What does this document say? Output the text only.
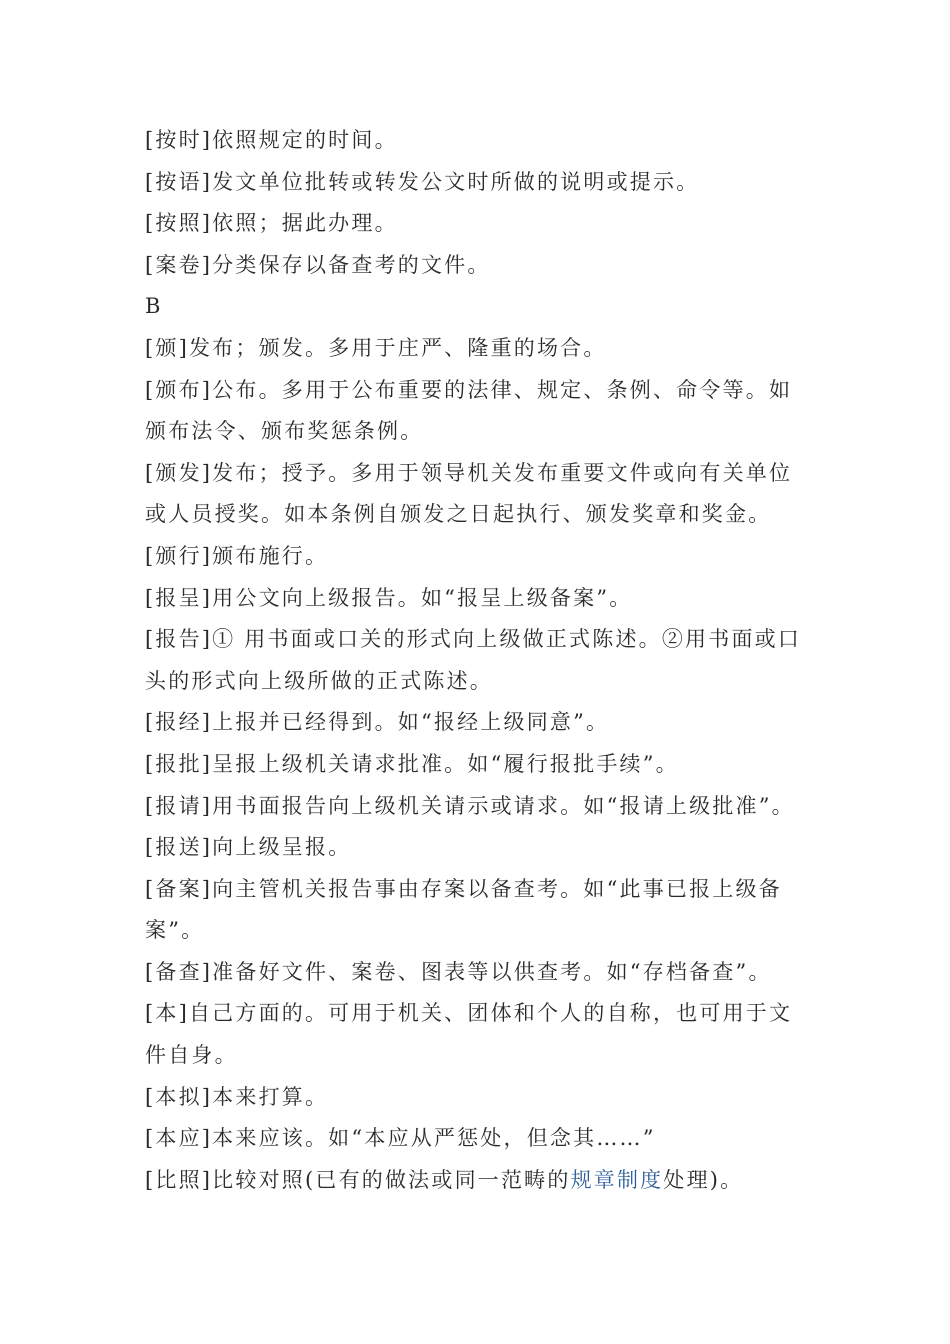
[按时]依照规定的时间。
[按语]发文单位批转或转发公文时所做的说明或提示。
[按照]依照；据此办理。
[案卷]分类保存以备查考的文件。
B
[颁]发布；颁发。多用于庄严、隆重的场合。
[颁布]公布。多用于公布重要的法律、规定、条例、命令等。如
颁布法令、颁布奖惩条例。
[颁发]发布；授予。多用于领导机关发布重要文件或向有关单位
或人员授奖。如本条例自颁发之日起执行、颁发奖章和奖金。
[颁行]颁布施行。
[报呈]用公文向上级报告。如“报呈上级备案”。
[报告]① 用书面或口关的形式向上级做正式陈述。②用书面或口
头的形式向上级所做的正式陈述。
[报经]上报并已经得到。如“报经上级同意”。
[报批]呈报上级机关请求批准。如“履行报批手续”。
[报请]用书面报告向上级机关请示或请求。如“报请上级批准”。
[报送]向上级呈报。
[备案]向主管机关报告事由存案以备查考。如“此事已报上级备
案”。
[备查]准备好文件、案卷、图表等以供查考。如“存档备查”。
[本]自己方面的。可用于机关、团体和个人的自称，也可用于文
件自身。
[本拟]本来打算。
[本应]本来应该。如“本应从严惩处，但念其……”
[比照]比较对照(已有的做法或同一范畴的规章制度处理)。
